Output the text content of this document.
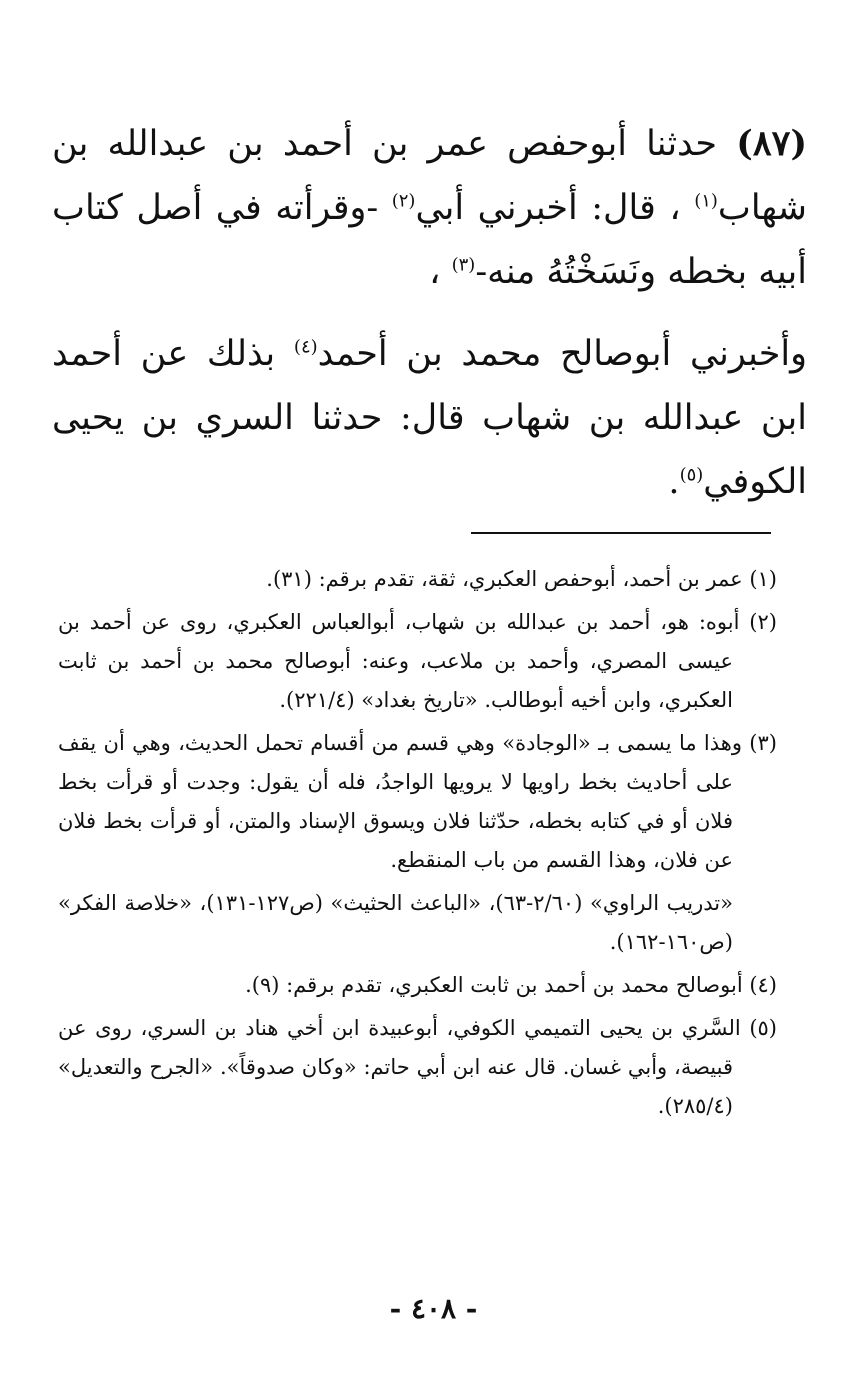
(٨٧) حدثنا أبوحفص عمر بن أحمد بن عبدالله بن شهاب$^{(١)}$ ، قال: أخبرني أبي$^{(٢)}$ -وقرأته في أصل كتاب أبيه بخطه ونَسَخْتُهُ منه-$^{(٣)}$ ،

وأخبرني أبوصالح محمد بن أحمد$^{(٤)}$ بذلك عن أحمد ابن عبدالله بن شهاب قال: حدثنا السري بن يحيى الكوفي$^{(٥)}$.

(١) عمر بن أحمد، أبوحفص العكبري، ثقة، تقدم برقم: (٣١).

(٢) أبوه: هو، أحمد بن عبدالله بن شهاب، أبوالعباس العكبري، روى عن أحمد بن عيسى المصري، وأحمد بن ملاعب، وعنه: أبوصالح محمد بن أحمد بن ثابت العكبري، وابن أخيه أبوطالب. «تاريخ بغداد» (٢٢١/٤).

(٣) وهذا ما يسمى بـ «الوجادة» وهي قسم من أقسام تحمل الحديث، وهي أن يقف على أحاديث بخط راويها لا يرويها الواجدُ، فله أن يقول: وجدت أو قرأت بخط فلان أو في كتابه بخطه، حدّثنا فلان ويسوق الإسناد والمتن، أو قرأت بخط فلان عن فلان، وهذا القسم من باب المنقطع.

«تدريب الراوي» (٢/٦٠-٦٣)، «الباعث الحثيث» (ص١٢٧-١٣١)، «خلاصة الفكر» (ص١٦٠-١٦٢).

(٤) أبوصالح محمد بن أحمد بن ثابت العكبري، تقدم برقم: (٩).

(٥) السَّري بن يحيى التميمي الكوفي، أبوعبيدة ابن أخي هناد بن السري، روى عن قبيصة، وأبي غسان. قال عنه ابن أبي حاتم: «وكان صدوقاً». «الجرح والتعديل» (٢٨٥/٤).

- ٤٠٨ -
